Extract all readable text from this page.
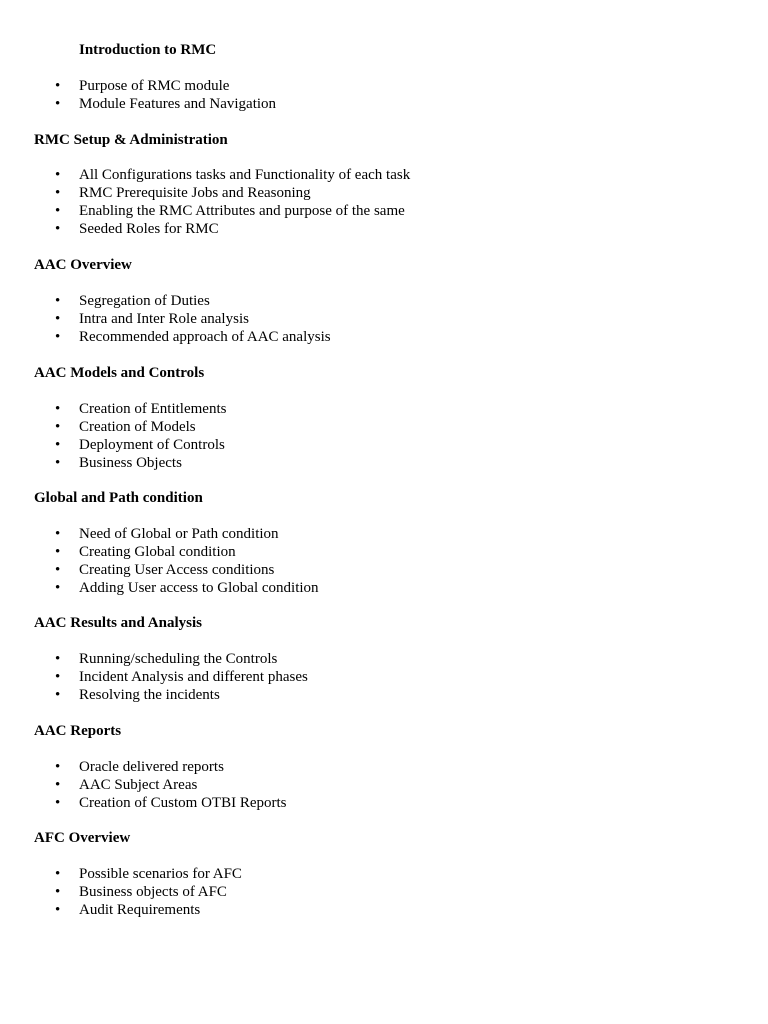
Introduction to RMC
• Purpose of RMC module
• Module Features and Navigation
RMC Setup & Administration
• All Configurations tasks and Functionality of each task
• RMC Prerequisite Jobs and Reasoning
• Enabling the RMC Attributes and purpose of the same
• Seeded Roles for RMC
AAC Overview
• Segregation of Duties
• Intra and Inter Role analysis
• Recommended approach of AAC analysis
AAC Models and Controls
• Creation of Entitlements
• Creation of Models
• Deployment of Controls
• Business Objects
Global and Path condition
• Need of Global or Path condition
• Creating Global condition
• Creating User Access conditions
• Adding User access to Global condition
AAC Results and Analysis
• Running/scheduling the Controls
• Incident Analysis and different phases
• Resolving the incidents
AAC Reports
• Oracle delivered reports
• AAC Subject Areas
• Creation of Custom OTBI Reports
AFC Overview
• Possible scenarios for AFC
• Business objects of AFC
• Audit Requirements
